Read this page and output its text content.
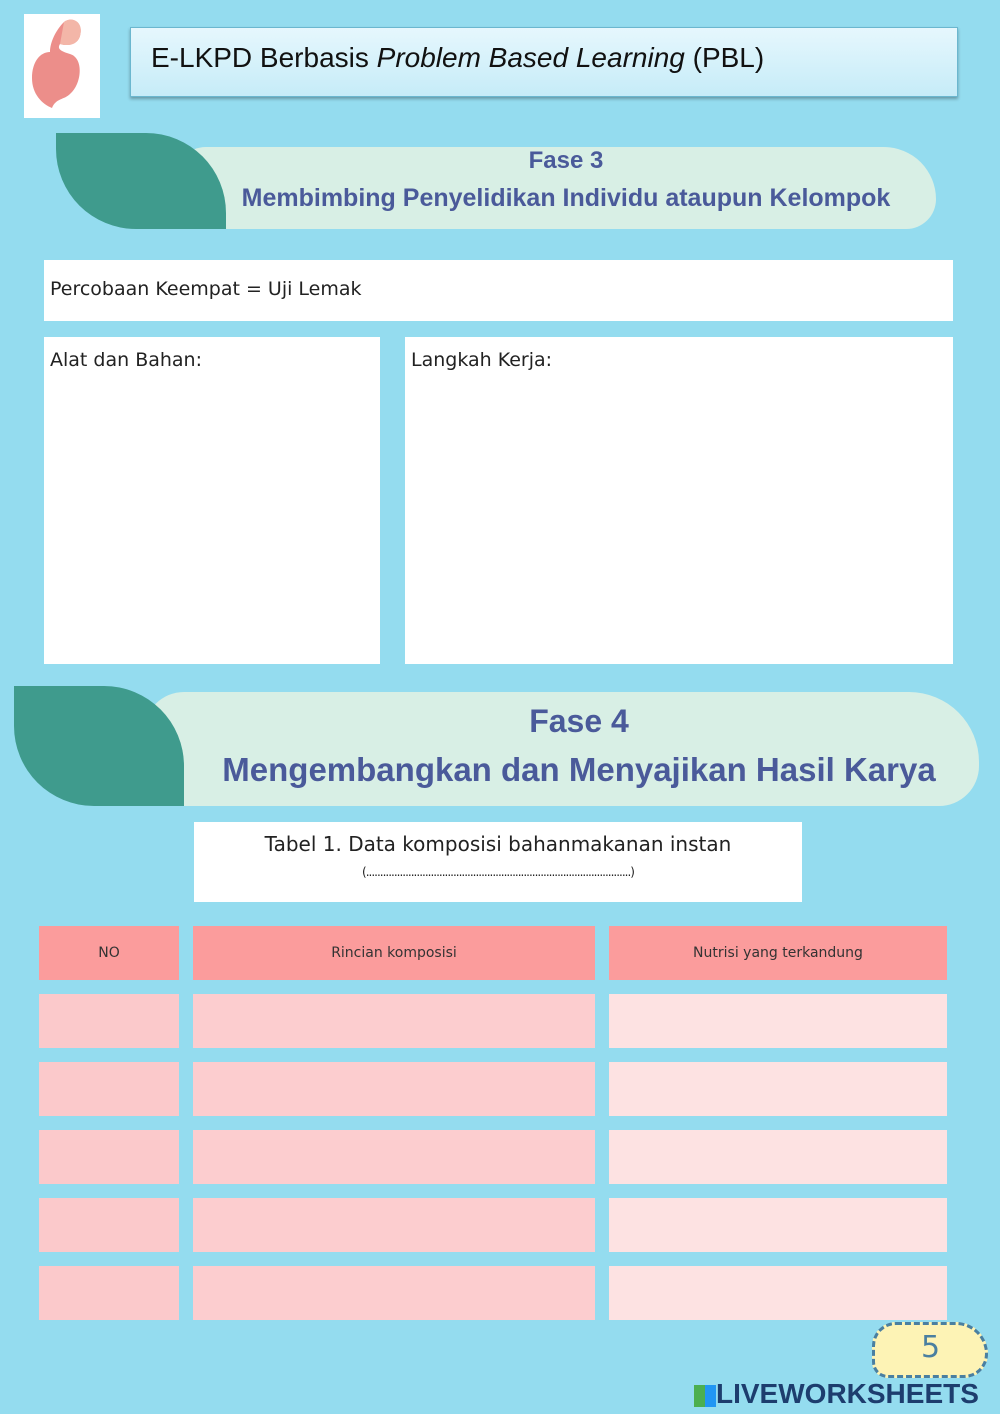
E-LKPD Berbasis Problem Based Learning (PBL)
Fase 3
Membimbing Penyelidikan Individu ataupun Kelompok
Percobaan Keempat = Uji Lemak
Alat dan Bahan:	Langkah Kerja:
Fase 4
Mengembangkan dan Menyajikan Hasil Karya
Tabel 1. Data komposisi bahanmakanan instan
(..............................................................................................)
NO	Rincian komposisi	Nutrisi yang terkandung
5
LIVEWORKSHEETS
